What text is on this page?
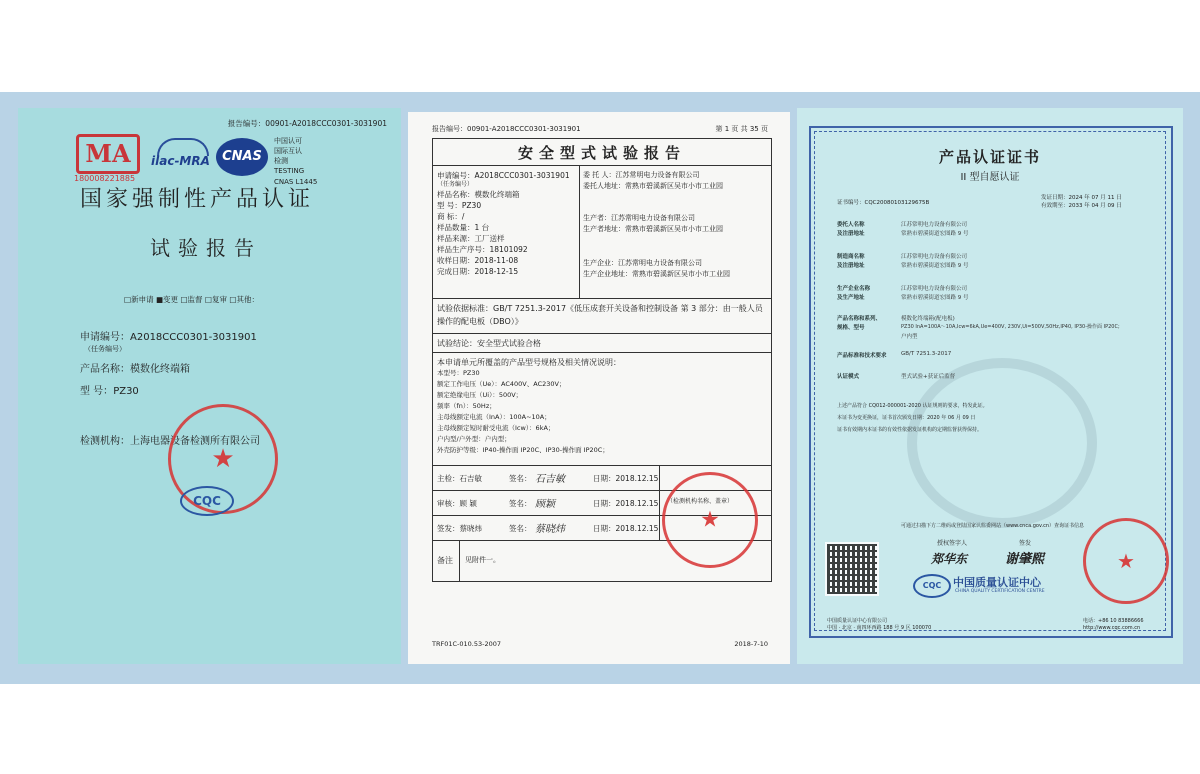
报告编号：00901-A2018CCC0301-3031901
MA
180008221885
ilac-MRA CNAS
中国认可
国际互认
检测
TESTING
CNAS L1445
国家强制性产品认证
试验报告
□新申请 ■变更 □监督 □复审 □其他：
申请编号：A2018CCC0301-3031901
（任务编号）
产品名称：模数化终端箱
型 号：PZ30
检测机构：上海电器设备检测所有限公司
★
CQC
报告编号：00901-A2018CCC0301-3031901	第 1 页 共 35 页
安全型式试验报告
申请编号：A2018CCC0301-3031901
（任务编号）
样品名称：模数化终端箱
型 号：PZ30
商 标：/
样品数量：1 台
样品来源：工厂送样
样品生产序号：18101092
收样日期：2018-11-08
完成日期：2018-12-15
委 托 人：江苏常明电力设备有限公司
委托人地址：常熟市碧溪新区吴市小市工业园

生产者：江苏常明电力设备有限公司
生产者地址：常熟市碧溪新区吴市小市工业园

生产企业：江苏常明电力设备有限公司
生产企业地址：常熟市碧溪新区吴市小市工业园
试验依据标准：GB/T 7251.3-2017《低压成套开关设备和控制设备 第 3 部分：由一般人员操作的配电板（DBO）》
试验结论：安全型式试验合格
本申请单元所覆盖的产品型号规格及相关情况说明：
本型号：PZ30
额定工作电压（Ue）：AC400V、AC230V；
额定绝缘电压（Ui）：500V；
频率（fn）：50Hz；
主母线额定电流（InA）：100A~10A；
主母线额定短时耐受电流（Icw）：6kA；
户内型/户外型：户内型；
外壳防护等级：IP40-操作面 IP20C、IP30-操作面 IP20C；
主检：石吉敏	签名： 石吉敏	日期：2018.12.15
审核：顾 颖	签名： 顾颖	日期：2018.12.15
签发：蔡晓炜	签名： 蔡晓炜	日期：2018.12.15
（检测机构名称、盖章）
备注 见附件一。
★
TRF01C-010.53-2007	2018-7-10
产品认证证书
II 型自愿认证
证书编号：CQC20080103129675B
发证日期：2024 年 07 月 11 日
有效期至：2033 年 04 月 09 日
委托人名称	江苏常明电力设备有限公司
及注册地址	常熟市碧溪街道宏图路 9 号
制造商名称	江苏常明电力设备有限公司
及注册地址	常熟市碧溪街道宏图路 9 号
生产企业名称	江苏常明电力设备有限公司
及生产地址	常熟市碧溪街道宏图路 9 号
产品名称和系列、	模数化终端箱(配电板)
规格、型号	PZ30 InA=100A～10A,Icw=6kA,Ue=400V, 230V,Ui=500V,50Hz,IP40, IP30-操作面 IP20C;
户内型
产品标准和技术要求	GB/T 7251.3-2017
认证模式	型式试验+获证后监督
上述产品符合 CQ012-000001-2020 认证规则的要求，特发此证。
本证书为变更换证，证书首次颁发日期：2020 年 06 月 09 日
证书有效期内本证书的有效性依据发证机构的定期监督获得保持。
可通过扫描下方二维码或登陆国家认监委网站（www.cnca.gov.cn）查询证书信息
授权签字人	签发
郑华东	谢肇熙
CQC	中国质量认证中心
CHINA QUALITY CERTIFICATION CENTRE
★
中国质量认证中心有限公司
中国 · 北京 · 南四环西路 188 号 9 区 100070
电话：+86 10 83886666
http://www.cqc.com.cn
